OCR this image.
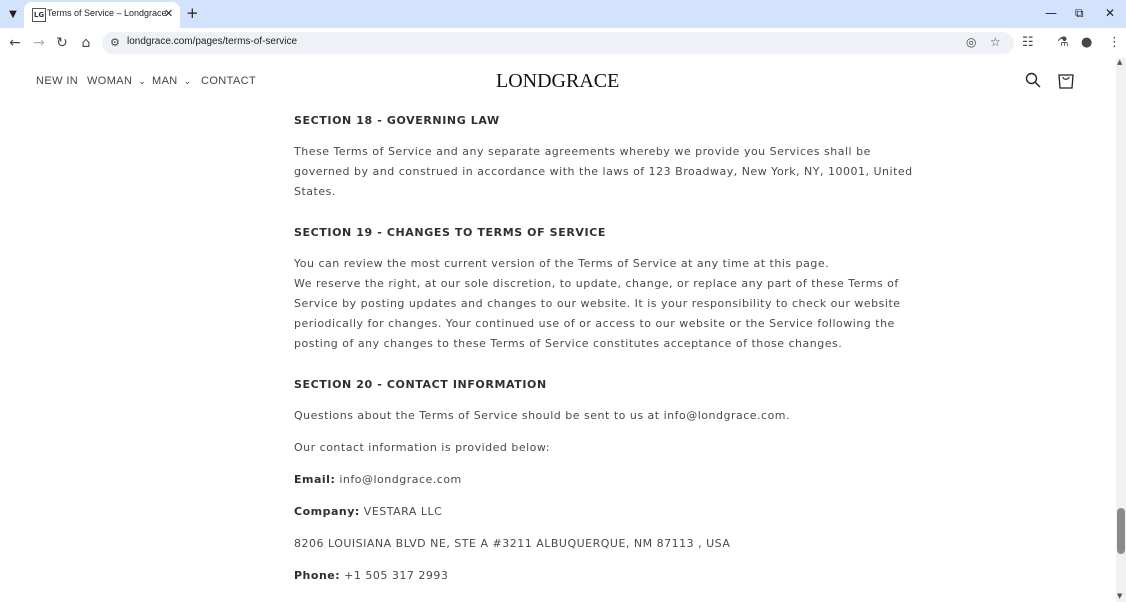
▼	LG Terms of Service – Londgrace
✕ +	— ⧉ ✕
← → ↻ ⌂	⚙ londgrace.com/pages/terms-of-service	◎ ☆ ☷ ⚗ ● ⋮
NEW IN WOMAN ⌄ MAN ⌄ CONTACT	LONDGRACE
SECTION 18 - GOVERNING LAW
These Terms of Service and any separate agreements whereby we provide you Services shall be
governed by and construed in accordance with the laws of 123 Broadway, New York, NY, 10001, United
States.
SECTION 19 - CHANGES TO TERMS OF SERVICE
You can review the most current version of the Terms of Service at any time at this page.
We reserve the right, at our sole discretion, to update, change, or replace any part of these Terms of
Service by posting updates and changes to our website. It is your responsibility to check our website
periodically for changes. Your continued use of or access to our website or the Service following the
posting of any changes to these Terms of Service constitutes acceptance of those changes.
SECTION 20 - CONTACT INFORMATION
Questions about the Terms of Service should be sent to us at info@londgrace.com.
Our contact information is provided below:
Email: info@londgrace.com
Company: VESTARA LLC
8206 LOUISIANA BLVD NE, STE A #3211 ALBUQUERQUE, NM 87113 , USA
Phone: +1 505 317 2993
▲
▼
